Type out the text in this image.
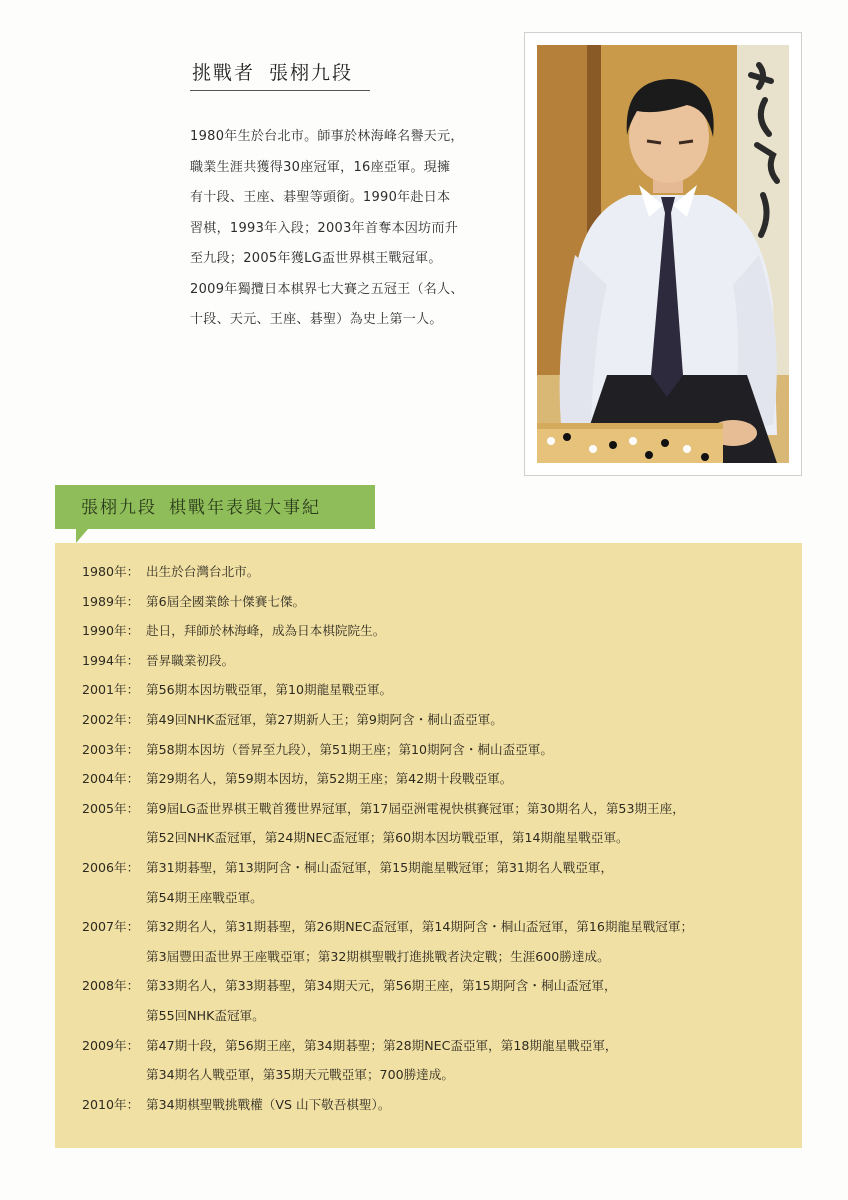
挑戰者 張栩九段
1980年生於台北市。師事於林海峰名譽天元，
職業生涯共獲得30座冠軍，16座亞軍。現擁
有十段、王座、碁聖等頭銜。1990年赴日本
習棋，1993年入段；2003年首奪本因坊而升
至九段；2005年獲LG盃世界棋王戰冠軍。
2009年獨攬日本棋界七大賽之五冠王（名人、
十段、天元、王座、碁聖）為史上第一人。
張栩九段 棋戰年表與大事紀
1980年： 出生於台灣台北市。
1989年： 第6屆全國業餘十傑賽七傑。
1990年： 赴日，拜師於林海峰，成為日本棋院院生。
1994年： 晉昇職業初段。
2001年： 第56期本因坊戰亞軍，第10期龍星戰亞軍。
2002年： 第49回NHK盃冠軍，第27期新人王；第9期阿含・桐山盃亞軍。
2003年： 第58期本因坊（晉昇至九段），第51期王座；第10期阿含・桐山盃亞軍。
2004年： 第29期名人，第59期本因坊，第52期王座；第42期十段戰亞軍。
2005年： 第9屆LG盃世界棋王戰首獲世界冠軍，第17屆亞洲電視快棋賽冠軍；第30期名人，第53期王座，
第52回NHK盃冠軍，第24期NEC盃冠軍；第60期本因坊戰亞軍，第14期龍星戰亞軍。
2006年： 第31期碁聖，第13期阿含・桐山盃冠軍，第15期龍星戰冠軍；第31期名人戰亞軍，
第54期王座戰亞軍。
2007年： 第32期名人，第31期碁聖，第26期NEC盃冠軍，第14期阿含・桐山盃冠軍，第16期龍星戰冠軍；
第3屆豐田盃世界王座戰亞軍；第32期棋聖戰打進挑戰者決定戰；生涯600勝達成。
2008年： 第33期名人，第33期碁聖，第34期天元，第56期王座，第15期阿含・桐山盃冠軍，
第55回NHK盃冠軍。
2009年： 第47期十段，第56期王座，第34期碁聖；第28期NEC盃亞軍，第18期龍星戰亞軍，
第34期名人戰亞軍，第35期天元戰亞軍；700勝達成。
2010年： 第34期棋聖戰挑戰權（VS 山下敬吾棋聖）。
